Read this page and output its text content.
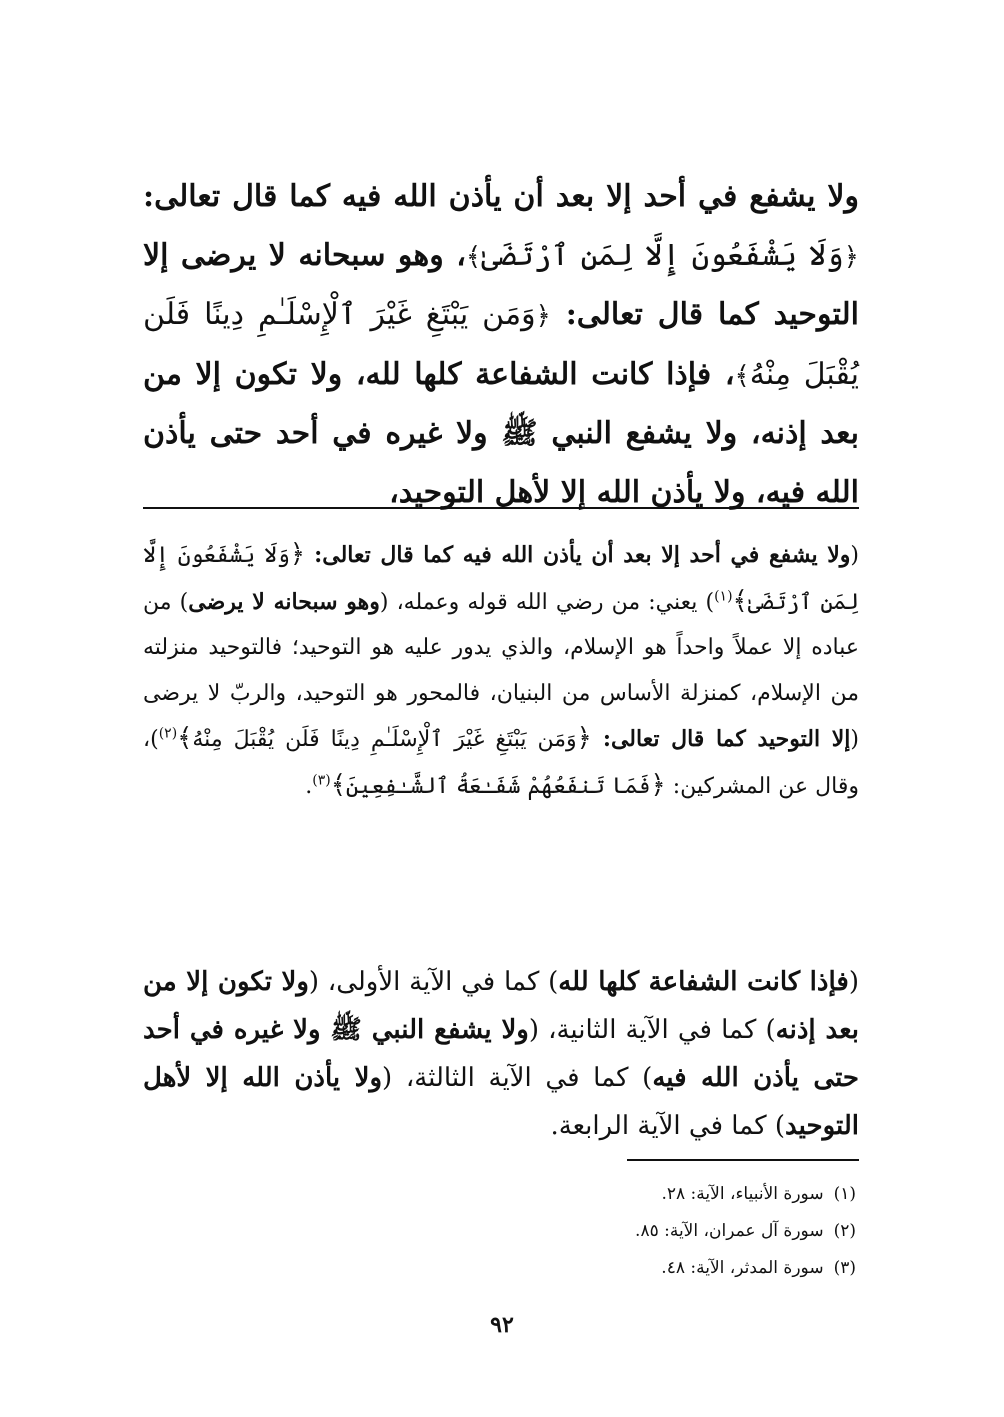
ولا يشفع في أحد إلا بعد أن يأذن الله فيه كما قال تعالى: ﴿وَلَا يَشْفَعُونَ إِلَّا لِمَنِ ٱرْتَضَىٰ﴾، وهو سبحانه لا يرضى إلا التوحيد كما قال تعالى: ﴿وَمَن يَبْتَغِ غَيْرَ ٱلْإِسْلَـٰمِ دِينًا فَلَن يُقْبَلَ مِنْهُ﴾، فإذا كانت الشفاعة كلها لله، ولا تكون إلا من بعد إذنه، ولا يشفع النبي ﷺ ولا غيره في أحد حتى يأذن الله فيه، ولا يأذن الله إلا لأهل التوحيد،

(ولا يشفع في أحد إلا بعد أن يأذن الله فيه كما قال تعالى: ﴿وَلَا يَشْفَعُونَ إِلَّا لِمَنِ ٱرْتَضَىٰ﴾$^{(١)}$) يعني: من رضي الله قوله وعمله، (وهو سبحانه لا يرضى) من عباده إلا عملاً واحداً هو الإسلام، والذي يدور عليه هو التوحيد؛ فالتوحيد منزلته من الإسلام، كمنزلة الأساس من البنيان، فالمحور هو التوحيد، والربّ لا يرضى (إلا التوحيد كما قال تعالى: ﴿وَمَن يَبْتَغِ غَيْرَ ٱلْإِسْلَـٰمِ دِينًا فَلَن يُقْبَلَ مِنْهُ﴾$^{(٢)}$)، وقال عن المشركين: ﴿فَمَا تَنفَعُهُمْ شَفَـٰعَةُ ٱلشَّـٰفِعِينَ﴾$^{(٣)}$.

(فإذا كانت الشفاعة كلها لله) كما في الآية الأولى، (ولا تكون إلا من بعد إذنه) كما في الآية الثانية، (ولا يشفع النبي ﷺ ولا غيره في أحد حتى يأذن الله فيه) كما في الآية الثالثة، (ولا يأذن الله إلا لأهل التوحيد) كما في الآية الرابعة.

(١)سورة الأنبياء، الآية: ٢٨.
(٢)سورة آل عمران، الآية: ٨٥.
(٣)سورة المدثر، الآية: ٤٨.
٩٢
